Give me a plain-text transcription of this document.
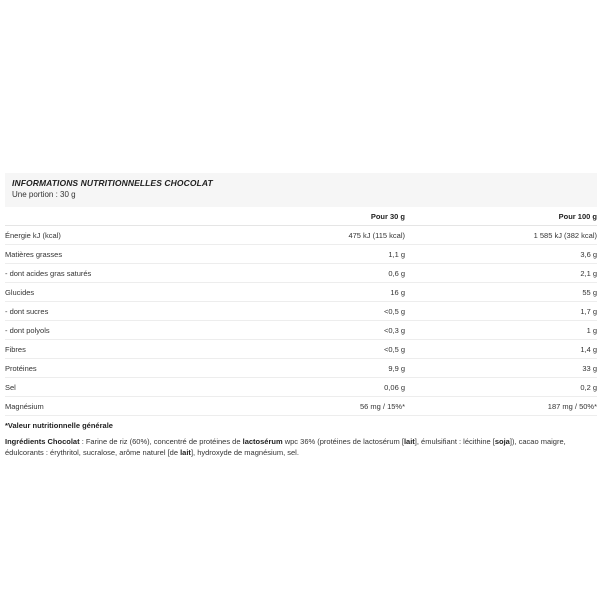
INFORMATIONS NUTRITIONNELLES CHOCOLAT
Une portion : 30 g
	Pour 30 g	Pour 100 g
Énergie kJ (kcal)	475 kJ (115 kcal)	1 585 kJ (382 kcal)
Matières grasses	1,1 g	3,6 g
- dont acides gras saturés	0,6 g	2,1 g
Glucides	16 g	55 g
- dont sucres	<0,5 g	1,7 g
- dont polyols	<0,3 g	1 g
Fibres	<0,5 g	1,4 g
Protéines	9,9 g	33 g
Sel	0,06 g	0,2 g
Magnésium	56 mg / 15%*	187 mg / 50%*
*Valeur nutritionnelle générale
Ingrédients Chocolat : Farine de riz (60%), concentré de protéines de lactosérum wpc 36% (protéines de lactosérum [lait], émulsifiant : lécithine [soja]), cacao maigre, édulcorants : érythritol, sucralose, arôme naturel [de lait], hydroxyde de magnésium, sel.
